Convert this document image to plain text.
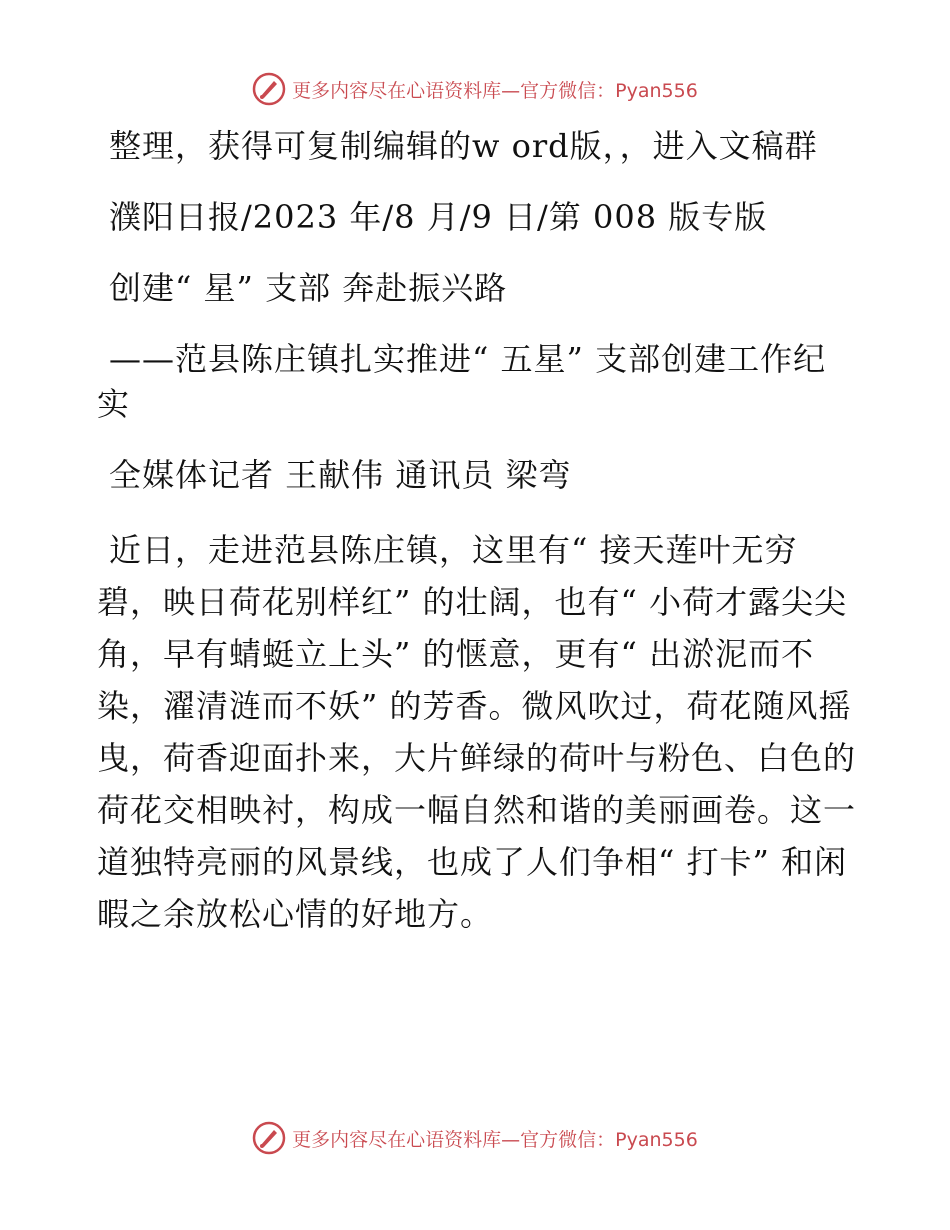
更多内容尽在心语资料库—官方微信：Pyan556

整理，获得可复制编辑的w ord版，，进入文稿群

濮阳日报/2023 年/8 月/9 日/第 008 版专版

创建“ 星” 支部 奔赴振兴路

——范县陈庄镇扎实推进“ 五星” 支部创建工作纪实

全媒体记者 王献伟 通讯员 梁弯

近日，走进范县陈庄镇，这里有“ 接天莲叶无穷碧，映日荷花别样红” 的壮阔，也有“ 小荷才露尖尖角，早有蜻蜓立上头” 的惬意，更有“ 出淤泥而不染，濯清涟而不妖” 的芳香。微风吹过，荷花随风摇曳，荷香迎面扑来，大片鲜绿的荷叶与粉色、白色的荷花交相映衬，构成一幅自然和谐的美丽画卷。这一道独特亮丽的风景线，也成了人们争相“ 打卡” 和闲暇之余放松心情的好地方。

更多内容尽在心语资料库—官方微信：Pyan556
